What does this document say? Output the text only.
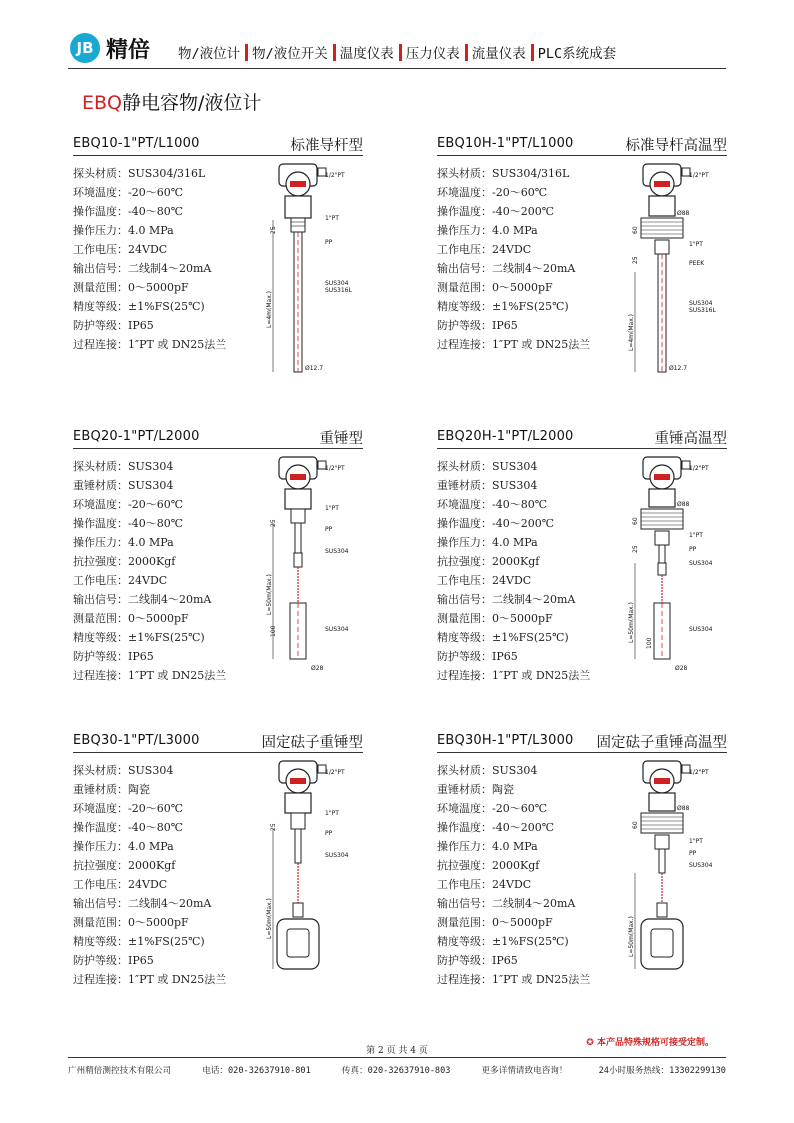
JB 精倍 物/液位计 物/液位开关 温度仪表 压力仪表 流量仪表 PLC系统成套
EBQ静电容物/液位计
EBQ10-1"PT/L1000	标准导杆型
探头材质：SUS304/316L
环境温度：-20～60℃
操作温度：-40～80℃
操作压力：4.0 MPa
工作电压：24VDC
输出信号：二线制4～20mA
测量范围：0～5000pF
精度等级：±1%FS(25℃)
防护等级：IP65
过程连接：1″PT 或 DN25法兰
1/2"PT
1"PT
PP
SUS304
SUS316L
25
L=4m(Max.)
Ø12.7
EBQ10H-1"PT/L1000	标准导杆高温型
探头材质：SUS304/316L
环境温度：-20～60℃
操作温度：-40～200℃
操作压力：4.0 MPa
工作电压：24VDC
输出信号：二线制4～20mA
测量范围：0～5000pF
精度等级：±1%FS(25℃)
防护等级：IP65
过程连接：1″PT 或 DN25法兰
1/2"PT
Ø88
60
1"PT
PEEK
25
SUS304
SUS316L
L=4m(Max.)
Ø12.7
EBQ20-1"PT/L2000	重锤型
探头材质：SUS304
重锤材质：SUS304
环境温度：-20～60℃
操作温度：-40～80℃
操作压力：4.0 MPa
抗拉强度：2000Kgf
工作电压：24VDC
输出信号：二线制4～20mA
测量范围：0～5000pF
精度等级：±1%FS(25℃)
防护等级：IP65
过程连接：1″PT 或 DN25法兰
1/2"PT
1"PT
PP
25
SUS304
L=50m(Max.)
100	SUS304
Ø28
EBQ20H-1"PT/L2000	重锤高温型
探头材质：SUS304
重锤材质：SUS304
环境温度：-40～80℃
操作温度：-40～200℃
操作压力：4.0 MPa
抗拉强度：2000Kgf
工作电压：24VDC
输出信号：二线制4～20mA
测量范围：0～5000pF
精度等级：±1%FS(25℃)
防护等级：IP65
过程连接：1″PT 或 DN25法兰
1/2"PT
Ø88
60
1"PT
PP
25
SUS304
L=50m(Max.)	SUS304
100
Ø28
EBQ30-1"PT/L3000	固定砝子重锤型
探头材质：SUS304
重锤材质：陶瓷
环境温度：-20～60℃
操作温度：-40～80℃
操作压力：4.0 MPa
抗拉强度：2000Kgf
工作电压：24VDC
输出信号：二线制4～20mA
测量范围：0～5000pF
精度等级：±1%FS(25℃)
防护等级：IP65
过程连接：1″PT 或 DN25法兰
1/2"PT
1"PT
PP
SUS304
25
L=50m(Max.)
EBQ30H-1"PT/L3000 固定砝子重锤高温型
探头材质：SUS304
重锤材质：陶瓷
环境温度：-20～60℃
操作温度：-40～200℃
操作压力：4.0 MPa
抗拉强度：2000Kgf
工作电压：24VDC
输出信号：二线制4～20mA
测量范围：0～5000pF
精度等级：±1%FS(25℃)
防护等级：IP65
过程连接：1″PT 或 DN25法兰
1/2"PT
Ø88
60
1"PT
PP
SUS304
L=50m(Max.)
✪ 本产品特殊规格可接受定制。
第 2 页 共 4 页
广州精倍测控技术有限公司	电话：020-32637910-801	传真：020-32637910-803	更多详情请致电咨询！	24小时服务热线：13302299130
